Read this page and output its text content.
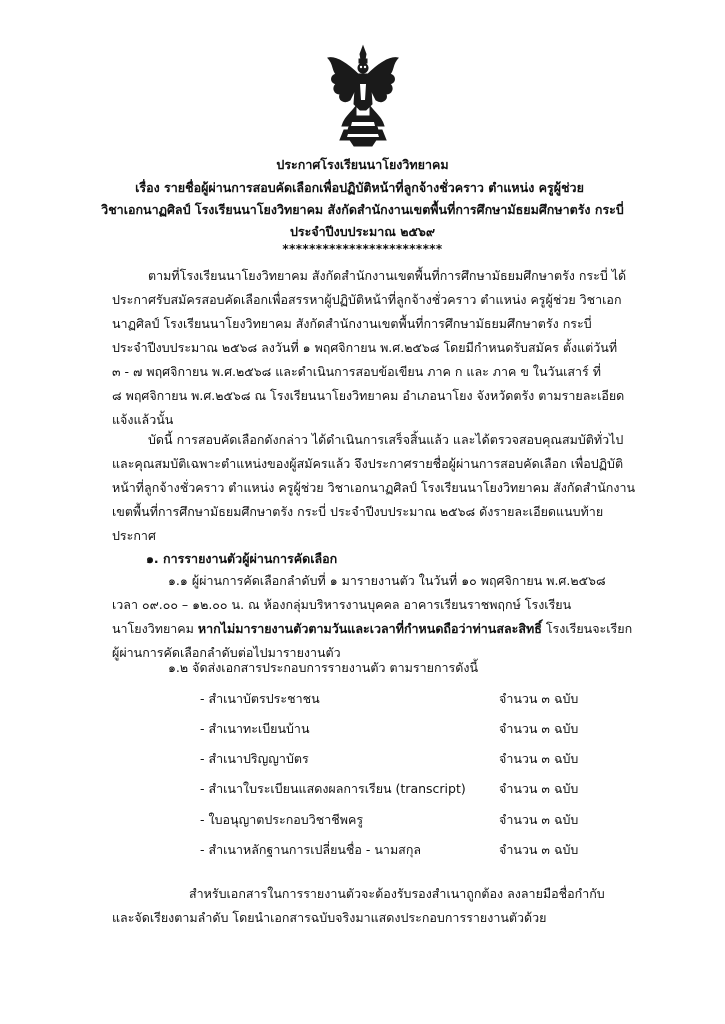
ประกาศโรงเรียนนาโยงวิทยาคม
เรื่อง รายชื่อผู้ผ่านการสอบคัดเลือกเพื่อปฏิบัติหน้าที่ลูกจ้างชั่วคราว ตำแหน่ง ครูผู้ช่วย
วิชาเอกนาฏศิลป์ โรงเรียนนาโยงวิทยาคม สังกัดสำนักงานเขตพื้นที่การศึกษามัธยมศึกษาตรัง กระบี่
ประจำปีงบประมาณ ๒๕๖๙
************************
ตามที่โรงเรียนนาโยงวิทยาคม สังกัดสำนักงานเขตพื้นที่การศึกษามัธยมศึกษาตรัง กระบี่ ได้
ประกาศรับสมัครสอบคัดเลือกเพื่อสรรหาผู้ปฏิบัติหน้าที่ลูกจ้างชั่วคราว ตำแหน่ง ครูผู้ช่วย วิชาเอก
นาฏศิลป์ โรงเรียนนาโยงวิทยาคม สังกัดสำนักงานเขตพื้นที่การศึกษามัธยมศึกษาตรัง กระบี่
ประจำปีงบประมาณ ๒๕๖๘ ลงวันที่ ๑ พฤศจิกายน พ.ศ.๒๕๖๘ โดยมีกำหนดรับสมัคร ตั้งแต่วันที่
๓ - ๗ พฤศจิกายน พ.ศ.๒๕๖๘ และดำเนินการสอบข้อเขียน ภาค ก และ ภาค ข ในวันเสาร์ ที่
๘ พฤศจิกายน พ.ศ.๒๕๖๘ ณ โรงเรียนนาโยงวิทยาคม อำเภอนาโยง จังหวัดตรัง ตามรายละเอียด
แจ้งแล้วนั้น
บัดนี้ การสอบคัดเลือกดังกล่าว ได้ดำเนินการเสร็จสิ้นแล้ว และได้ตรวจสอบคุณสมบัติทั่วไป
และคุณสมบัติเฉพาะตำแหน่งของผู้สมัครแล้ว จึงประกาศรายชื่อผู้ผ่านการสอบคัดเลือก เพื่อปฏิบัติ
หน้าที่ลูกจ้างชั่วคราว ตำแหน่ง ครูผู้ช่วย วิชาเอกนาฏศิลป์ โรงเรียนนาโยงวิทยาคม สังกัดสำนักงาน
เขตพื้นที่การศึกษามัธยมศึกษาตรัง กระบี่ ประจำปีงบประมาณ ๒๕๖๘ ดังรายละเอียดแนบท้าย
ประกาศ
๑. การรายงานตัวผู้ผ่านการคัดเลือก
๑.๑ ผู้ผ่านการคัดเลือกลำดับที่ ๑ มารายงานตัว ในวันที่ ๑๐ พฤศจิกายน พ.ศ.๒๕๖๘
เวลา ๐๙.๐๐ – ๑๒.๐๐ น. ณ ห้องกลุ่มบริหารงานบุคคล อาคารเรียนราชพฤกษ์ โรงเรียน
นาโยงวิทยาคม หากไม่มารายงานตัวตามวันและเวลาที่กำหนดถือว่าท่านสละสิทธิ์ โรงเรียนจะเรียก
ผู้ผ่านการคัดเลือกลำดับต่อไปมารายงานตัว
๑.๒ จัดส่งเอกสารประกอบการรายงานตัว ตามรายการดังนี้
- สำเนาบัตรประชาชน	จำนวน ๓ ฉบับ
- สำเนาทะเบียนบ้าน	จำนวน ๓ ฉบับ
- สำเนาปริญญาบัตร	จำนวน ๓ ฉบับ
- สำเนาใบระเบียนแสดงผลการเรียน (transcript)	จำนวน ๓ ฉบับ
- ใบอนุญาตประกอบวิชาชีพครู	จำนวน ๓ ฉบับ
- สำเนาหลักฐานการเปลี่ยนชื่อ - นามสกุล	จำนวน ๓ ฉบับ
สำหรับเอกสารในการรายงานตัวจะต้องรับรองสำเนาถูกต้อง ลงลายมือชื่อกำกับ
และจัดเรียงตามลำดับ โดยนำเอกสารฉบับจริงมาแสดงประกอบการรายงานตัวด้วย
